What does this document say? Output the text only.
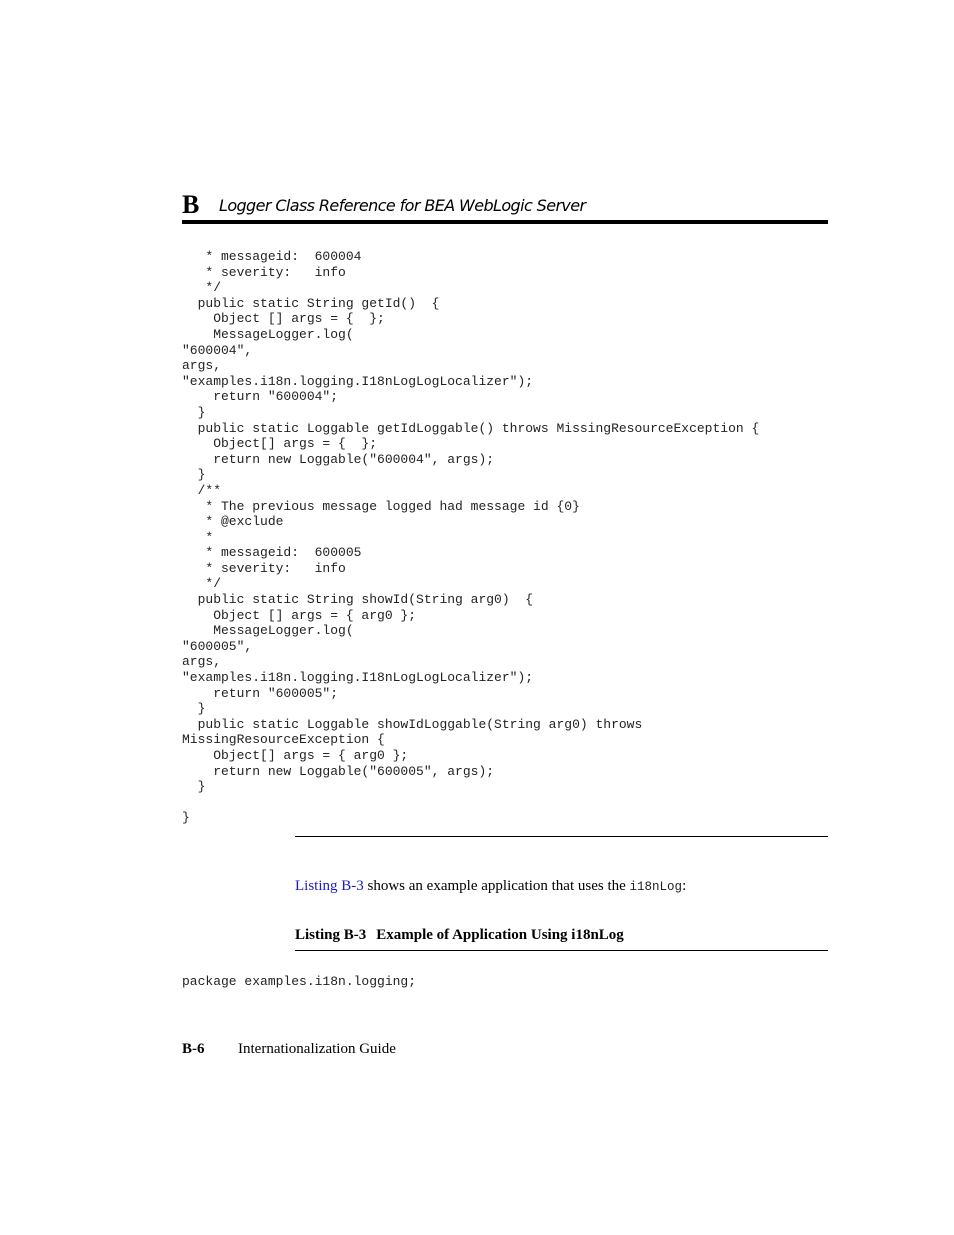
B Logger Class Reference for BEA WebLogic Server
* messageid:  600004
* severity:   info
*/
public static String getId()  {
Object [] args = {  };
MessageLogger.log(
"600004",
args,
"examples.i18n.logging.I18nLogLogLocalizer");
return "600004";
}
public static Loggable getIdLoggable() throws MissingResourceException {
Object[] args = {  };
return new Loggable("600004", args);
}
/**
* The previous message logged had message id {0}
* @exclude
*
* messageid:  600005
* severity:   info
*/
public static String showId(String arg0)  {
Object [] args = { arg0 };
MessageLogger.log(
"600005",
args,
"examples.i18n.logging.I18nLogLogLocalizer");
return "600005";
}
public static Loggable showIdLoggable(String arg0) throws
MissingResourceException {
Object[] args = { arg0 };
return new Loggable("600005", args);
}

}
Listing B-3 shows an example application that uses the i18nLog:
Listing B-3 Example of Application Using i18nLog
package examples.i18n.logging;
B-6 Internationalization Guide
